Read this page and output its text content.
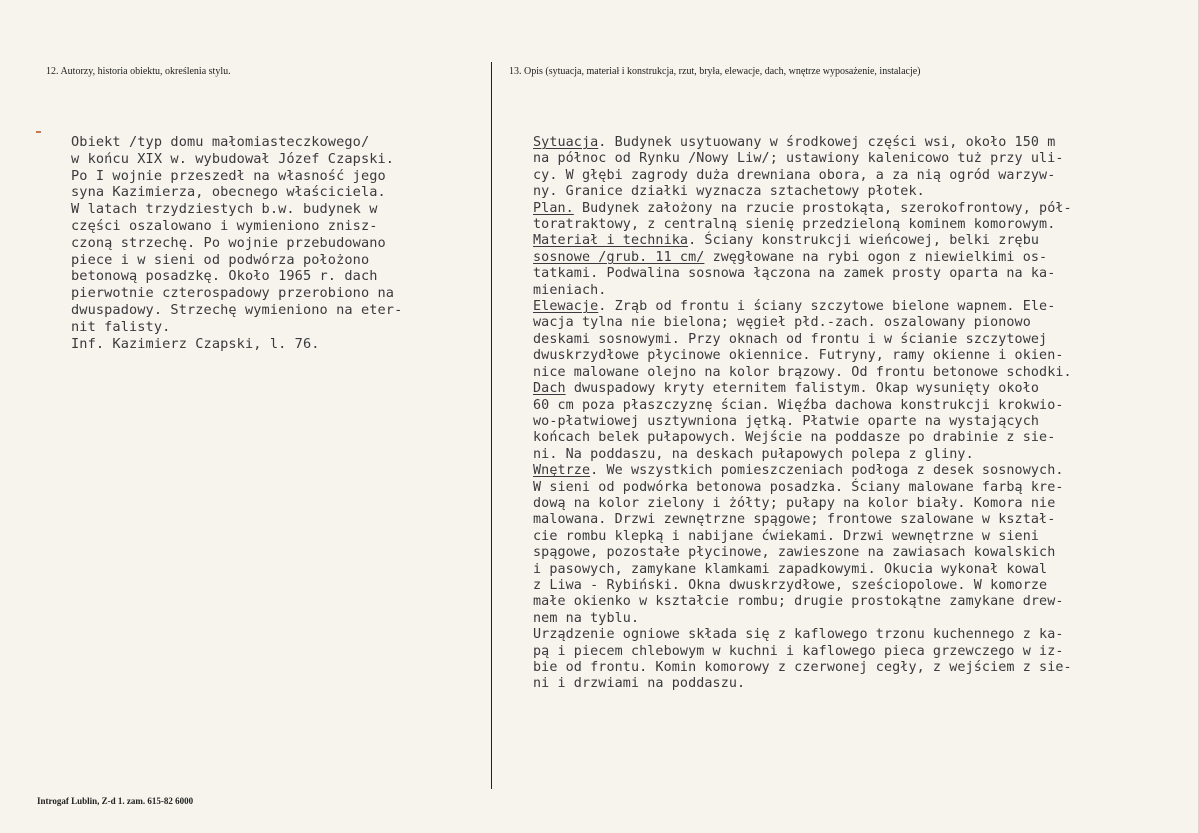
12. Autorzy, historia obiektu, określenia stylu.	13. Opis (sytuacja, materiał i konstrukcja, rzut, bryła, elewacje, dach, wnętrze wyposażenie, instalacje)
Obiekt /typ domu małomiasteczkowego/
w końcu XIX w. wybudował Józef Czapski.
Po I wojnie przeszedł na własność jego
syna Kazimierza, obecnego właściciela.
W latach trzydziestych b.w. budynek w
części oszalowano i wymieniono znisz-
czoną strzechę. Po wojnie przebudowano
piece i w sieni od podwórza położono
betonową posadzkę. Około 1965 r. dach
pierwotnie czterospadowy przerobiono na
dwuspadowy. Strzechę wymieniono na eter-
nit falisty.
Inf. Kazimierz Czapski, l. 76.
Sytuacja. Budynek usytuowany w środkowej części wsi, około 150 m
na północ od Rynku /Nowy Liw/; ustawiony kalenicowo tuż przy uli-
cy. W głębi zagrody duża drewniana obora, a za nią ogród warzyw-
ny. Granice działki wyznacza sztachetowy płotek.
Plan. Budynek założony na rzucie prostokąta, szerokofrontowy, pół-
toratraktowy, z centralną sienię przedzieloną kominem komorowym.
Materiał i technika. Ściany konstrukcji wieńcowej, belki zrębu
sosnowe /grub. 11 cm/ zwęgłowane na rybi ogon z niewielkimi os-
tatkami. Podwalina sosnowa łączona na zamek prosty oparta na ka-
mieniach.
Elewacje. Zrąb od frontu i ściany szczytowe bielone wapnem. Ele-
wacja tylna nie bielona; węgieł płd.-zach. oszalowany pionowo
deskami sosnowymi. Przy oknach od frontu i w ścianie szczytowej
dwuskrzydłowe płycinowe okiennice. Futryny, ramy okienne i okien-
nice malowane olejno na kolor brązowy. Od frontu betonowe schodki.
Dach dwuspadowy kryty eternitem falistym. Okap wysunięty około
60 cm poza płaszczyznę ścian. Więźba dachowa konstrukcji krokwio-
wo-płatwiowej usztywniona jętką. Płatwie oparte na wystających
końcach belek pułapowych. Wejście na poddasze po drabinie z sie-
ni. Na poddaszu, na deskach pułapowych polepa z gliny.
Wnętrze. We wszystkich pomieszczeniach podłoga z desek sosnowych.
W sieni od podwórka betonowa posadzka. Ściany malowane farbą kre-
dową na kolor zielony i żółty; pułapy na kolor biały. Komora nie
malowana. Drzwi zewnętrzne spągowe; frontowe szalowane w kształ-
cie rombu klepką i nabijane ćwiekami. Drzwi wewnętrzne w sieni
spągowe, pozostałe płycinowe, zawieszone na zawiasach kowalskich
i pasowych, zamykane klamkami zapadkowymi. Okucia wykonał kowal
z Liwa - Rybiński. Okna dwuskrzydłowe, sześciopolowe. W komorze
małe okienko w kształcie rombu; drugie prostokątne zamykane drew-
nem na tyblu.
Urządzenie ogniowe składa się z kaflowego trzonu kuchennego z ka-
pą i piecem chlebowym w kuchni i kaflowego pieca grzewczego w iz-
bie od frontu. Komin komorowy z czerwonej cegły, z wejściem z sie-
ni i drzwiami na poddaszu.
Introgaf Lublin, Z-d 1. zam. 615-82 6000
